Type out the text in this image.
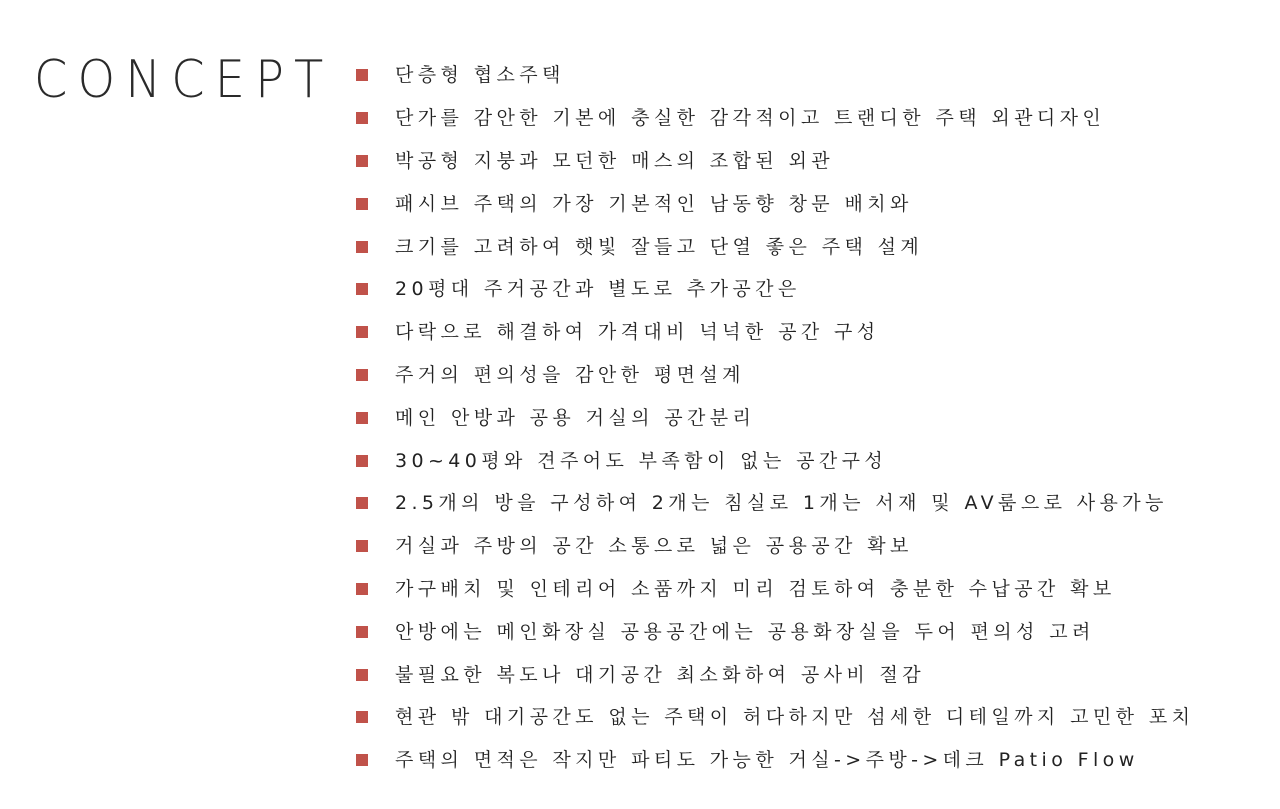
CONCEPT	단층형 협소주택
단가를 감안한 기본에 충실한 감각적이고 트랜디한 주택 외관디자인
박공형 지붕과 모던한 매스의 조합된 외관
패시브 주택의 가장 기본적인 남동향 창문 배치와
크기를 고려하여 햇빛 잘들고 단열 좋은 주택 설계
20평대 주거공간과 별도로 추가공간은
다락으로 해결하여 가격대비 넉넉한 공간 구성
주거의 편의성을 감안한 평면설계
메인 안방과 공용 거실의 공간분리
30~40평와 견주어도 부족함이 없는 공간구성
2.5개의 방을 구성하여 2개는 침실로 1개는 서재 및 AV룸으로 사용가능
거실과 주방의 공간 소통으로 넓은 공용공간 확보
가구배치 및 인테리어 소품까지 미리 검토하여 충분한 수납공간 확보
안방에는 메인화장실 공용공간에는 공용화장실을 두어 편의성 고려
불필요한 복도나 대기공간 최소화하여 공사비 절감
현관 밖 대기공간도 없는 주택이 허다하지만 섬세한 디테일까지 고민한 포치
주택의 면적은 작지만 파티도 가능한 거실->주방->데크 Patio Flow
